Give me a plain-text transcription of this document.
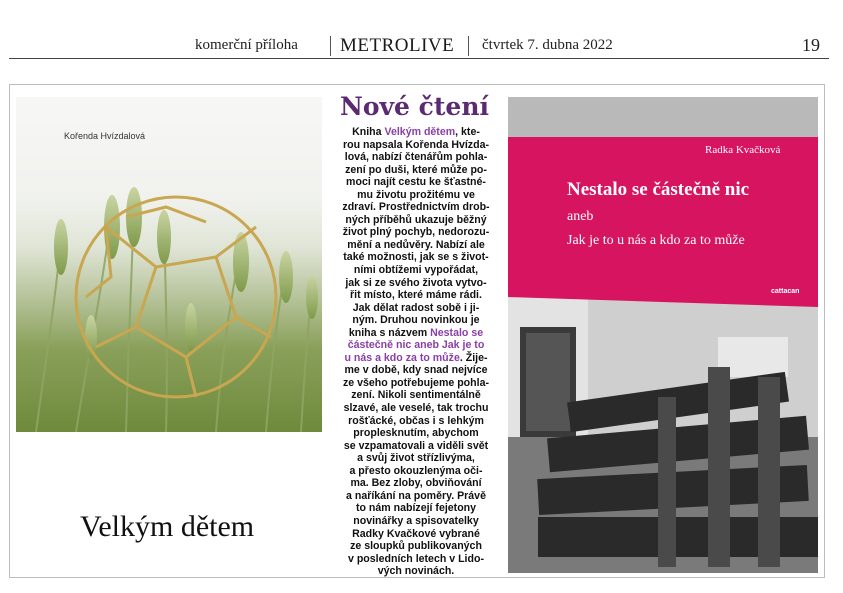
komerční příloha METROLIVE čtvrtek 7. dubna 2022	19
Kořenda Hvízdalová
Velkým dětem
Nové čtení
Kniha Velkým dětem, kte-
rou napsala Kořenda Hvízda-
lová, nabízí čtenářům pohla-
zení po duši, které může po-
moci najít cestu ke šťastné-
mu životu prožitému ve
zdraví. Prostřednictvím drob-
ných příběhů ukazuje běžný
život plný pochyb, nedorozu-
mění a nedůvěry. Nabízí ale
také možnosti, jak se s život-
ními obtížemi vypořádat,
jak si ze svého života vytvo-
řit místo, které máme rádi.
Jak dělat radost sobě i ji-
ným. Druhou novinkou je
kniha s názvem Nestalo se
částečně nic aneb Jak je to
u nás a kdo za to může. Žije-
me v době, kdy snad nejvíce
ze všeho potřebujeme pohla-
zení. Nikoli sentimentálně
slzavé, ale veselé, tak trochu
rošťácké, občas i s lehkým
proplesknutím, abychom
se vzpamatovali a viděli svět
a svůj život střízlivýma,
a přesto okouzlenýma oči-
ma. Bez zloby, obviňování
a naříkání na poměry. Právě
to nám nabízejí fejetony
novinářky a spisovatelky
Radky Kvačkové vybrané
ze sloupků publikovaných
v posledních letech v Lido-
vých novinách.
Radka Kvačková
Nestalo se částečně nic
aneb
Jak je to u nás a kdo za to může
cattacan
